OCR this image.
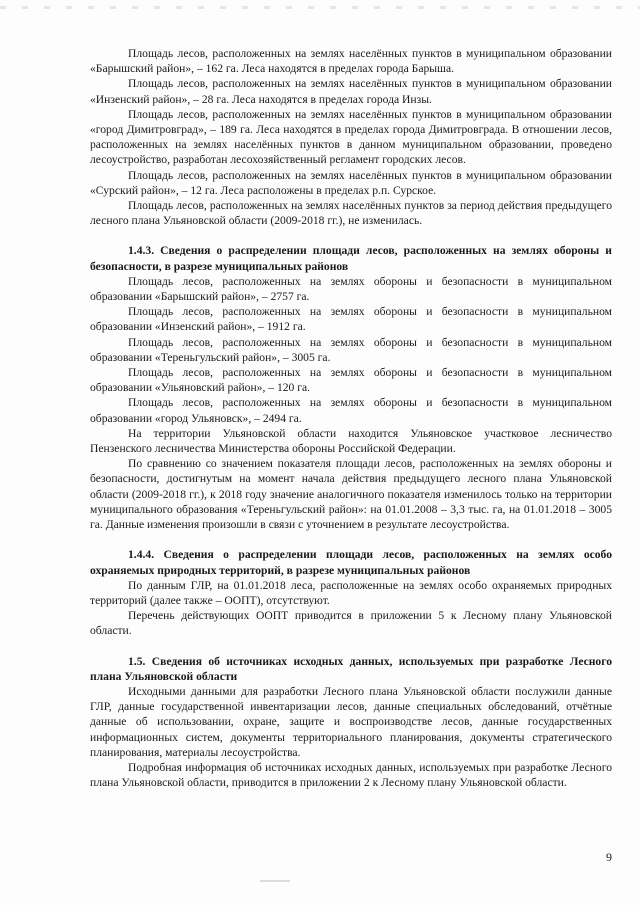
Площадь лесов, расположенных на землях населённых пунктов в муниципальном образовании «Барышский район», – 162 га. Леса находятся в пределах города Барыша.

Площадь лесов, расположенных на землях населённых пунктов в муниципальном образовании «Инзенский район», – 28 га. Леса находятся в пределах города Инзы.

Площадь лесов, расположенных на землях населённых пунктов в муниципальном образовании «город Димитровград», – 189 га. Леса находятся в пределах города Димитровграда. В отношении лесов, расположенных на землях населённых пунктов в данном муниципальном образовании, проведено лесоустройство, разработан лесохозяйственный регламент городских лесов.

Площадь лесов, расположенных на землях населённых пунктов в муниципальном образовании «Сурский район», – 12 га. Леса расположены в пределах р.п. Сурское.

Площадь лесов, расположенных на землях населённых пунктов за период действия предыдущего лесного плана Ульяновской области (2009-2018 гг.), не изменилась.

1.4.3. Сведения о распределении площади лесов, расположенных на землях обороны и безопасности, в разрезе муниципальных районов

Площадь лесов, расположенных на землях обороны и безопасности в муниципальном образовании «Барышский район», – 2757 га.

Площадь лесов, расположенных на землях обороны и безопасности в муниципальном образовании «Инзенский район», – 1912 га.

Площадь лесов, расположенных на землях обороны и безопасности в муниципальном образовании «Тереньгульский район», – 3005 га.

Площадь лесов, расположенных на землях обороны и безопасности в муниципальном образовании «Ульяновский район», – 120 га.

Площадь лесов, расположенных на землях обороны и безопасности в муниципальном образовании «город Ульяновск», – 2494 га.

На территории Ульяновской области находится Ульяновское участковое лесничество Пензенского лесничества Министерства обороны Российской Федерации.

По сравнению со значением показателя площади лесов, расположенных на землях обороны и безопасности, достигнутым на момент начала действия предыдущего лесного плана Ульяновской области (2009-2018 гг.), к 2018 году значение аналогичного показателя изменилось только на территории муниципального образования «Тереньгульский район»: на 01.01.2008 – 3,3 тыс. га, на 01.01.2018 – 3005 га. Данные изменения произошли в связи с уточнением в результате лесоустройства.

1.4.4. Сведения о распределении площади лесов, расположенных на землях особо охраняемых природных территорий, в разрезе муниципальных районов

По данным ГЛР, на 01.01.2018 леса, расположенные на землях особо охраняемых природных территорий (далее также – ООПТ), отсутствуют.

Перечень действующих ООПТ приводится в приложении 5 к Лесному плану Ульяновской области.

1.5. Сведения об источниках исходных данных, используемых при разработке Лесного плана Ульяновской области

Исходными данными для разработки Лесного плана Ульяновской области послужили данные ГЛР, данные государственной инвентаризации лесов, данные специальных обследований, отчётные данные об использовании, охране, защите и воспроизводстве лесов, данные государственных информационных систем, документы территориального планирования, документы стратегического планирования, материалы лесоустройства.

Подробная информация об источниках исходных данных, используемых при разработке Лесного плана Ульяновской области, приводится в приложении 2 к Лесному плану Ульяновской области.

9
